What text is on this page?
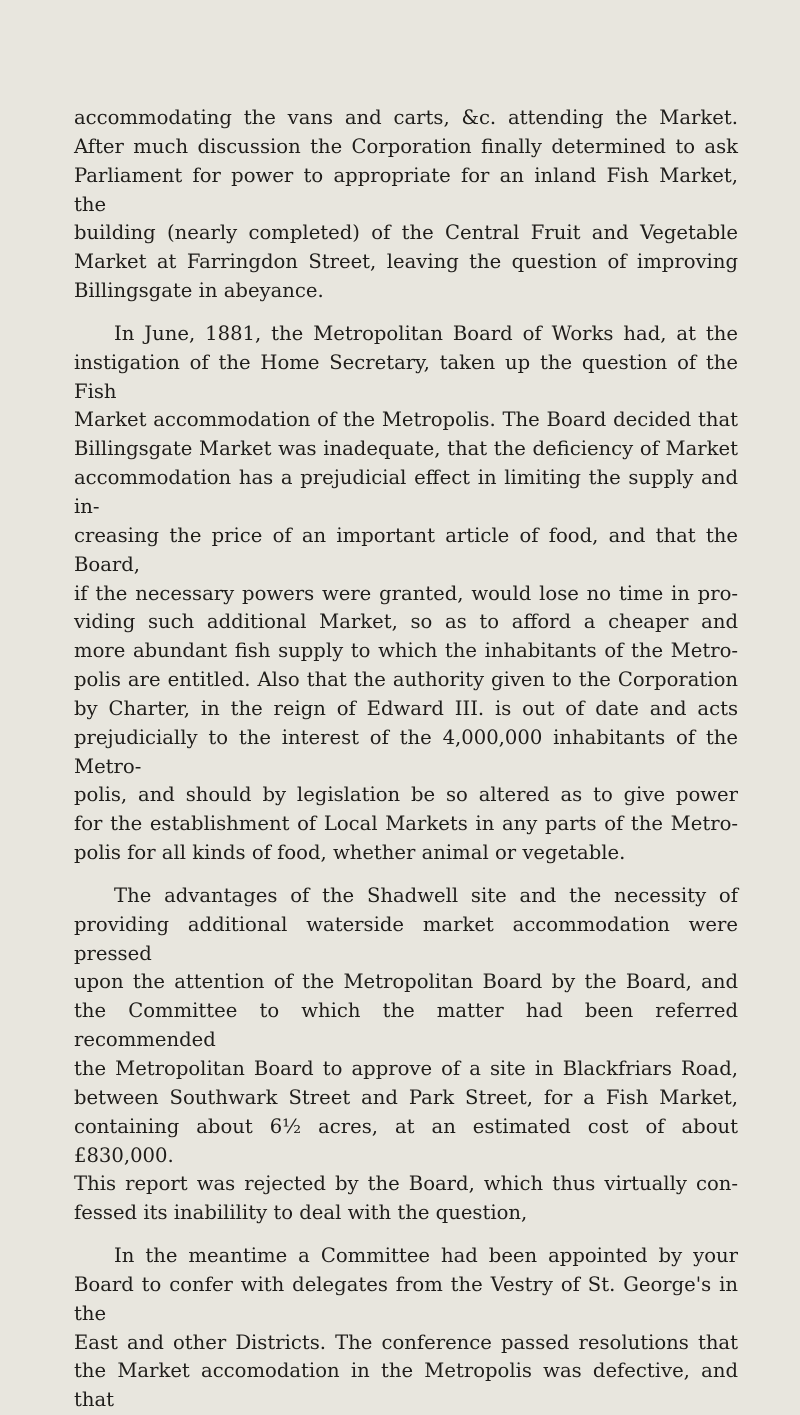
accommodating the vans and carts, &c. attending the Market.

After much discussion the Corporation finally determined to ask

Parliament for power to appropriate for an inland Fish Market, the

building (nearly completed) of the Central Fruit and Vegetable

Market at Farringdon Street, leaving the question of improving

Billingsgate in abeyance.

In June, 1881, the Metropolitan Board of Works had, at the

instigation of the Home Secretary, taken up the question of the Fish

Market accommodation of the Metropolis. The Board decided that

Billingsgate Market was inadequate, that the deficiency of Market

accommodation has a prejudicial effect in limiting the supply and in-

creasing the price of an important article of food, and that the Board,

if the necessary powers were granted, would lose no time in pro-

viding such additional Market, so as to afford a cheaper and

more abundant fish supply to which the inhabitants of the Metro-

polis are entitled. Also that the authority given to the Corporation

by Charter, in the reign of Edward III. is out of date and acts

prejudicially to the interest of the 4,000,000 inhabitants of the Metro-

polis, and should by legislation be so altered as to give power

for the establishment of Local Markets in any parts of the Metro-

polis for all kinds of food, whether animal or vegetable.

The advantages of the Shadwell site and the necessity of

providing additional waterside market accommodation were pressed

upon the attention of the Metropolitan Board by the Board, and

the Committee to which the matter had been referred recommended

the Metropolitan Board to approve of a site in Blackfriars Road,

between Southwark Street and Park Street, for a Fish Market,

containing about 6½ acres, at an estimated cost of about £830,000.

This report was rejected by the Board, which thus virtually con-

fessed its inabilility to deal with the question,

In the meantime a Committee had been appointed by your

Board to confer with delegates from the Vestry of St. George's in the

East and other Districts. The conference passed resolutions that

the Market accomodation in the Metropolis was defective, and that
